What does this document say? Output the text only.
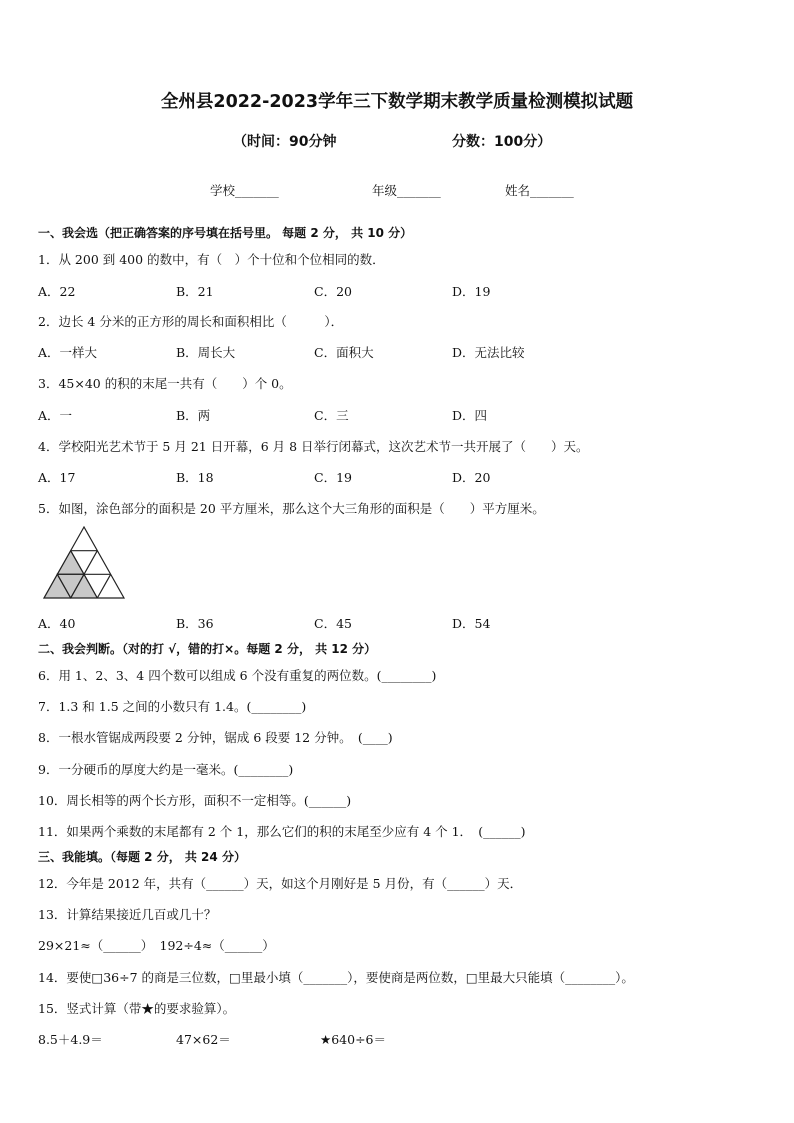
全州县2022-2023学年三下数学期末教学质量检测模拟试题
（时间：90分钟	分数：100分）
学校_______	年级_______	姓名_______
一、我会选（把正确答案的序号填在括号里。 每题 2 分， 共 10 分）
1．从 200 到 400 的数中，有（　）个十位和个位相同的数．
A．22	B．21	C．20	D．19
2．边长 4 分米的正方形的周长和面积相比（　　　）．
A．一样大	B．周长大	C．面积大	D．无法比较
3．45×40 的积的末尾一共有（　　）个 0。
A．一	B．两	C．三	D．四
4．学校阳光艺术节于 5 月 21 日开幕，6 月 8 日举行闭幕式，这次艺术节一共开展了（　　）天。
A．17	B．18	C．19	D．20
5．如图，涂色部分的面积是 20 平方厘米，那么这个大三角形的面积是（　　）平方厘米。
A．40	B．36	C．45	D．54
二、我会判断。（对的打 √，错的打×。每题 2 分， 共 12 分）
6．用 1、2、3、4 四个数可以组成 6 个没有重复的两位数。(________)
7．1.3 和 1.5 之间的小数只有 1.4。(________)
8．一根水管锯成两段要 2 分钟，锯成 6 段要 12 分钟。　(____)
9．一分硬币的厚度大约是一毫米。(________)
10．周长相等的两个长方形，面积不一定相等。(______)
11．如果两个乘数的末尾都有 2 个 1，那么它们的积的末尾至少应有 4 个 1．　(______)
三、我能填。（每题 2 分， 共 24 分）
12．今年是 2012 年，共有（______）天，如这个月刚好是 5 月份，有（______）天．
13．计算结果接近几百或几十？
29×21≈（______）　192÷4≈（______）
14．要使□36÷7 的商是三位数，□里最小填（_______），要使商是两位数，□里最大只能填（________）。
15．竖式计算（带★的要求验算）。
8.5＋4.9＝	47×62＝	★640÷6＝
